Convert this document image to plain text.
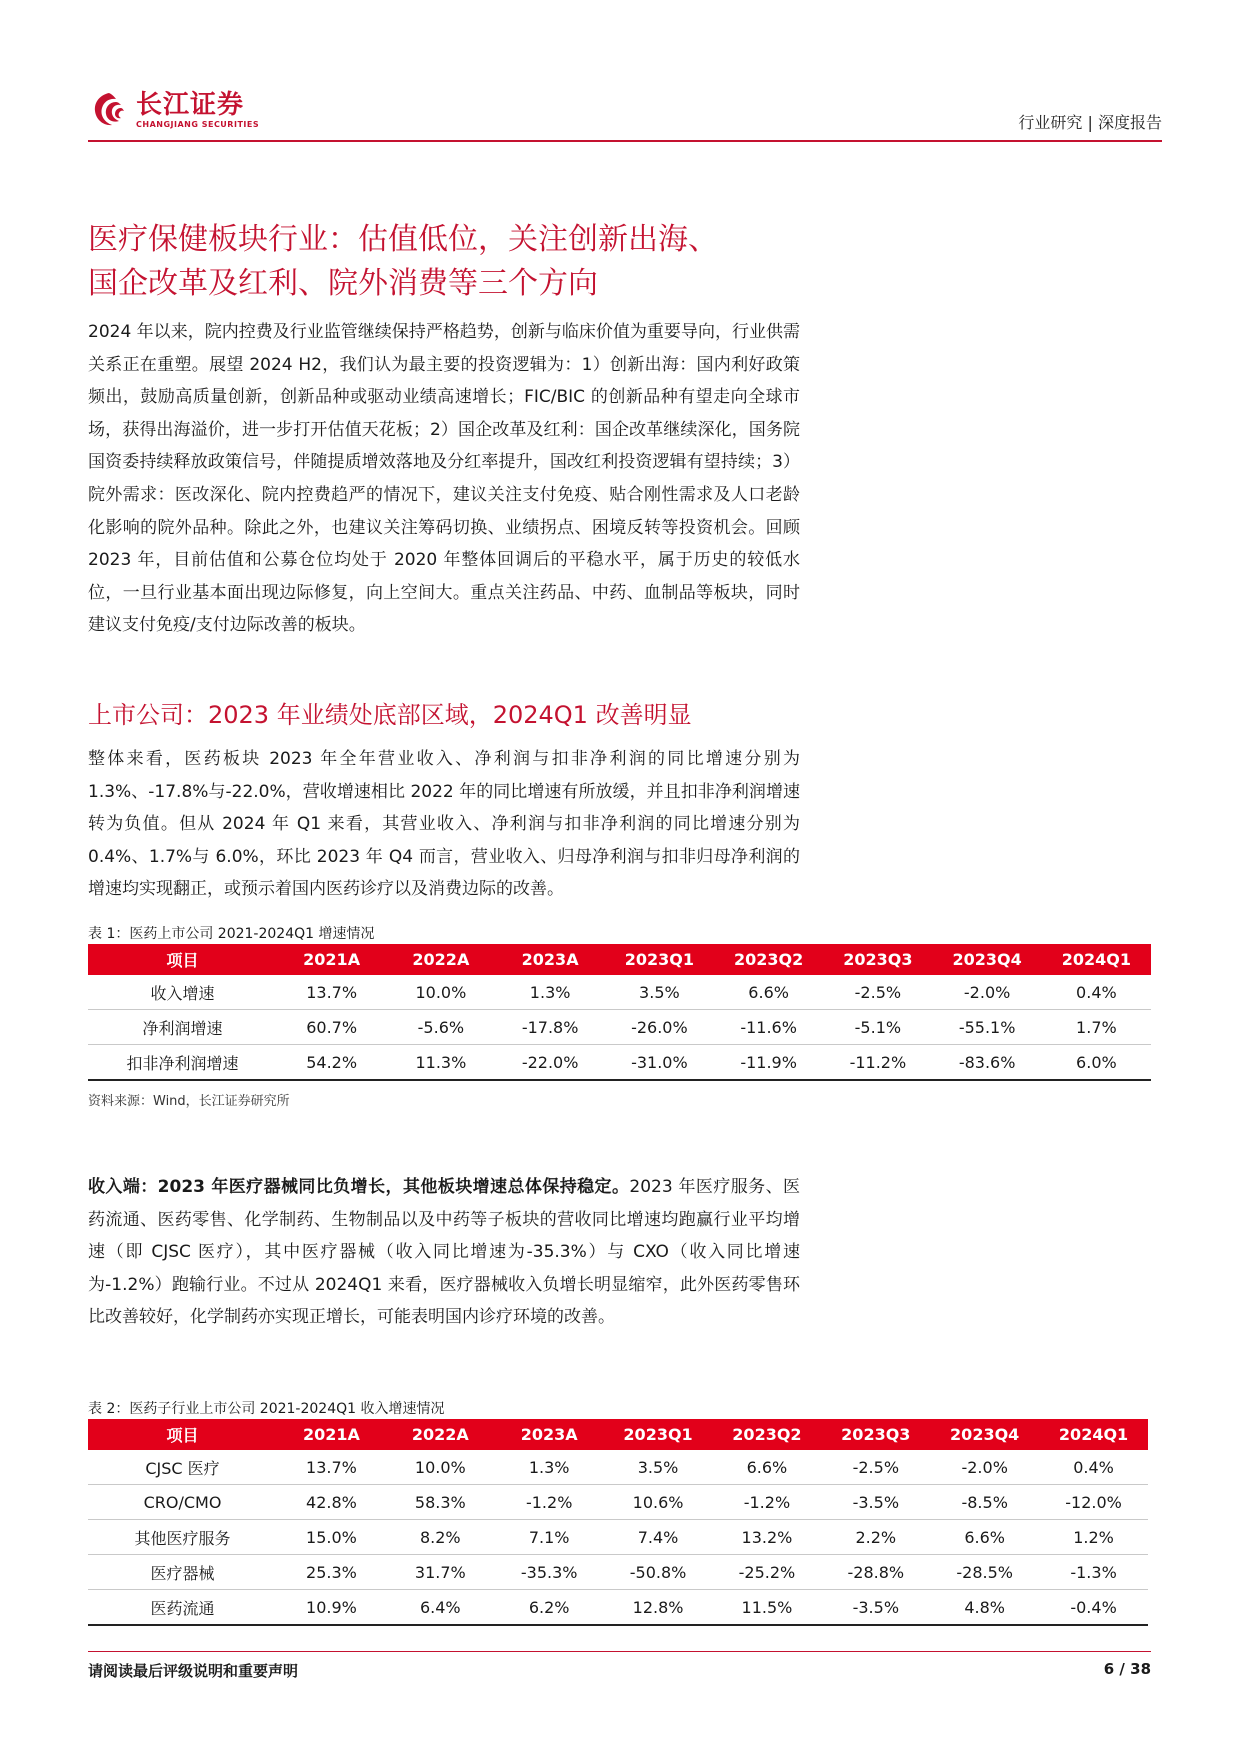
长江证券
CHANGJIANG SECURITIES	行业研究 | 深度报告
医疗保健板块行业：估值低位，关注创新出海、
国企改革及红利、院外消费等三个方向
2024 年以来，院内控费及行业监管继续保持严格趋势，创新与临床价值为重要导向，行业供需关系正在重塑。展望 2024 H2，我们认为最主要的投资逻辑为：1）创新出海：国内利好政策频出，鼓励高质量创新，创新品种或驱动业绩高速增长；FIC/BIC 的创新品种有望走向全球市场，获得出海溢价，进一步打开估值天花板；2）国企改革及红利：国企改革继续深化，国务院国资委持续释放政策信号，伴随提质增效落地及分红率提升，国改红利投资逻辑有望持续；3）院外需求：医改深化、院内控费趋严的情况下，建议关注支付免疫、贴合刚性需求及人口老龄化影响的院外品种。除此之外，也建议关注筹码切换、业绩拐点、困境反转等投资机会。回顾 2023 年，目前估值和公募仓位均处于 2020 年整体回调后的平稳水平，属于历史的较低水位，一旦行业基本面出现边际修复，向上空间大。重点关注药品、中药、血制品等板块，同时建议支付免疫/支付边际改善的板块。
上市公司：2023 年业绩处底部区域，2024Q1 改善明显
整体来看，医药板块 2023 年全年营业收入、净利润与扣非净利润的同比增速分别为 1.3%、-17.8%与-22.0%，营收增速相比 2022 年的同比增速有所放缓，并且扣非净利润增速转为负值。但从 2024 年 Q1 来看，其营业收入、净利润与扣非净利润的同比增速分别为 0.4%、1.7%与 6.0%，环比 2023 年 Q4 而言，营业收入、归母净利润与扣非归母净利润的增速均实现翻正，或预示着国内医药诊疗以及消费边际的改善。
表 1：医药上市公司 2021-2024Q1 增速情况
项目	2021A	2022A	2023A	2023Q1	2023Q2	2023Q3	2023Q4	2024Q1
收入增速	13.7%	10.0%	1.3%	3.5%	6.6%	-2.5%	-2.0%	0.4%
净利润增速	60.7%	-5.6%	-17.8%	-26.0%	-11.6%	-5.1%	-55.1%	1.7%
扣非净利润增速	54.2%	11.3%	-22.0%	-31.0%	-11.9%	-11.2%	-83.6%	6.0%
资料来源：Wind，长江证券研究所
收入端：2023 年医疗器械同比负增长，其他板块增速总体保持稳定。2023 年医疗服务、医药流通、医药零售、化学制药、生物制品以及中药等子板块的营收同比增速均跑赢行业平均增速（即 CJSC 医疗），其中医疗器械（收入同比增速为-35.3%）与 CXO（收入同比增速为-1.2%）跑输行业。不过从 2024Q1 来看，医疗器械收入负增长明显缩窄，此外医药零售环比改善较好，化学制药亦实现正增长，可能表明国内诊疗环境的改善。
表 2：医药子行业上市公司 2021-2024Q1 收入增速情况
项目	2021A	2022A	2023A	2023Q1	2023Q2	2023Q3	2023Q4	2024Q1
CJSC 医疗	13.7%	10.0%	1.3%	3.5%	6.6%	-2.5%	-2.0%	0.4%
CRO/CMO	42.8%	58.3%	-1.2%	10.6%	-1.2%	-3.5%	-8.5%	-12.0%
其他医疗服务	15.0%	8.2%	7.1%	7.4%	13.2%	2.2%	6.6%	1.2%
医疗器械	25.3%	31.7%	-35.3%	-50.8%	-25.2%	-28.8%	-28.5%	-1.3%
医药流通	10.9%	6.4%	6.2%	12.8%	11.5%	-3.5%	4.8%	-0.4%
请阅读最后评级说明和重要声明	6 / 38
